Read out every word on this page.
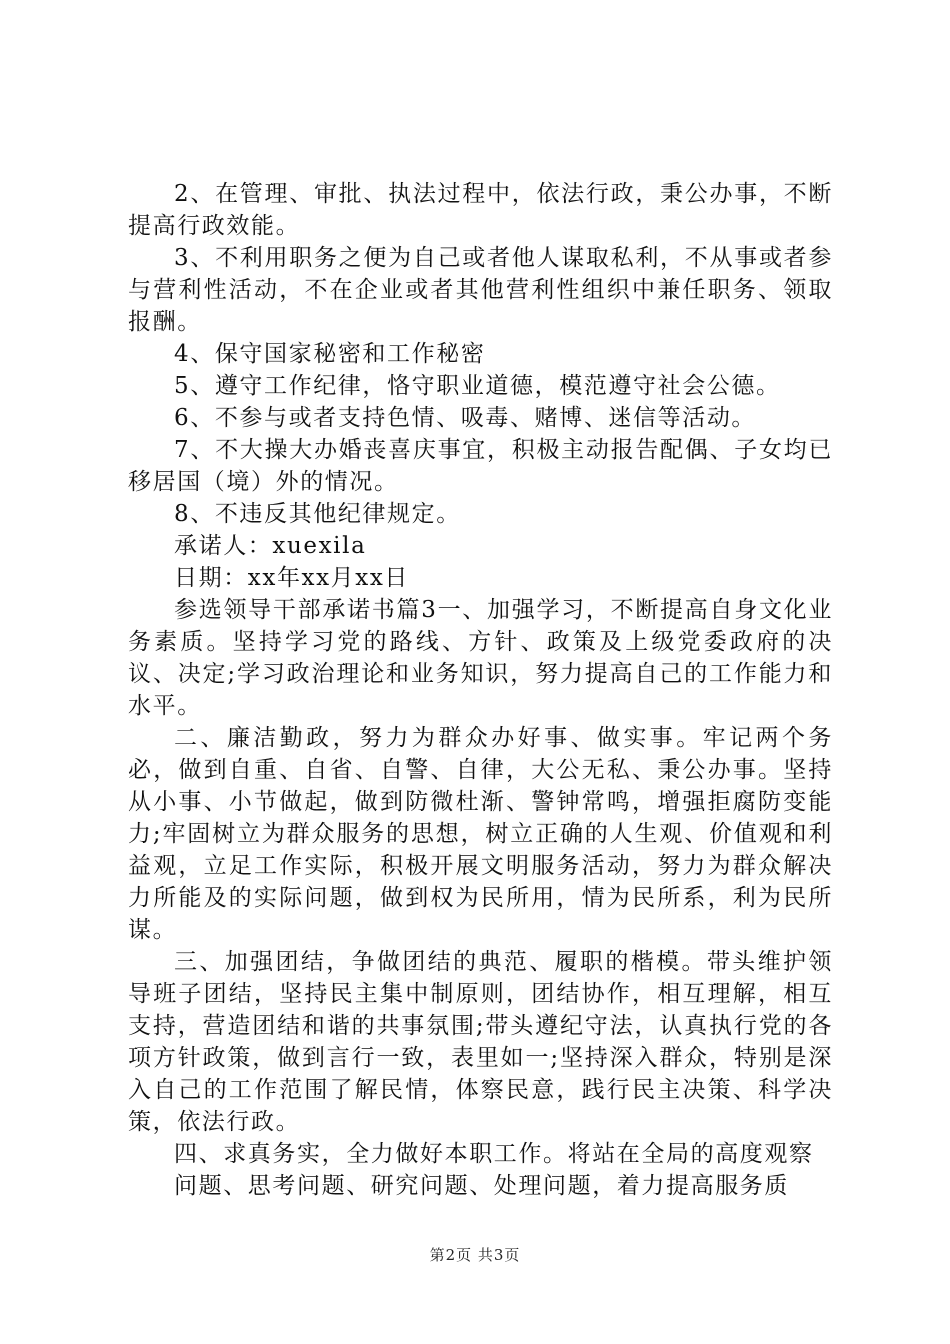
2、在管理、审批、执法过程中，依法行政，秉公办事，不断提高行政效能。

3、不利用职务之便为自己或者他人谋取私利，不从事或者参与营利性活动，不在企业或者其他营利性组织中兼任职务、领取报酬。

4、保守国家秘密和工作秘密

5、遵守工作纪律，恪守职业道德，模范遵守社会公德。

6、不参与或者支持色情、吸毒、赌博、迷信等活动。

7、不大操大办婚丧喜庆事宜，积极主动报告配偶、子女均已移居国（境）外的情况。

8、不违反其他纪律规定。

承诺人：xuexila

日期：xx年xx月xx日

参选领导干部承诺书篇3一、加强学习，不断提高自身文化业务素质。坚持学习党的路线、方针、政策及上级党委政府的决议、决定;学习政治理论和业务知识，努力提高自己的工作能力和水平。

二、廉洁勤政，努力为群众办好事、做实事。牢记两个务必，做到自重、自省、自警、自律，大公无私、秉公办事。坚持从小事、小节做起，做到防微杜渐、警钟常鸣，增强拒腐防变能力;牢固树立为群众服务的思想，树立正确的人生观、价值观和利益观，立足工作实际，积极开展文明服务活动，努力为群众解决力所能及的实际问题，做到权为民所用，情为民所系，利为民所谋。

三、加强团结，争做团结的典范、履职的楷模。带头维护领导班子团结，坚持民主集中制原则，团结协作，相互理解，相互支持，营造团结和谐的共事氛围;带头遵纪守法，认真执行党的各项方针政策，做到言行一致，表里如一;坚持深入群众，特别是深入自己的工作范围了解民情，体察民意，践行民主决策、科学决策，依法行政。

四、求真务实，全力做好本职工作。将站在全局的高度观察

问题、思考问题、研究问题、处理问题，着力提高服务质

第2页 共3页
